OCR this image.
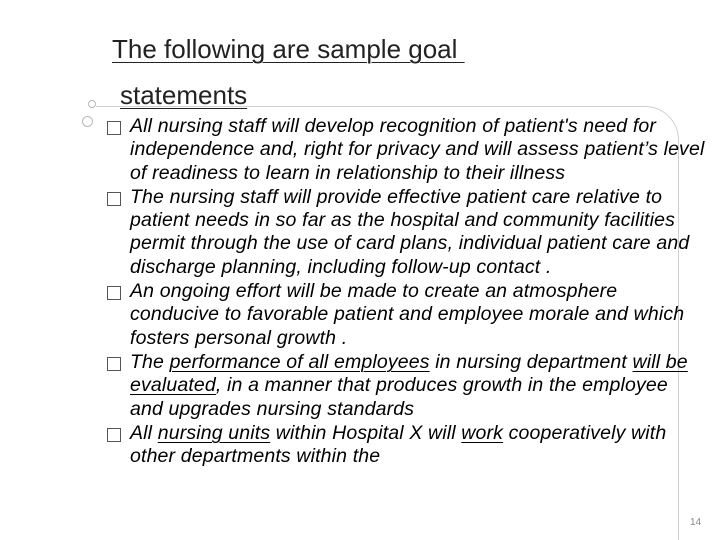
The following are sample goal
statements
All nursing staff will develop recognition of patient's need for independence and, right for privacy and will assess patient’s level of readiness to learn in relationship to their illness
The nursing staff will provide effective patient care relative to patient needs in so far as the hospital and community facilities permit through the use of card plans, individual patient care and discharge planning, including follow-up contact .
An ongoing effort will be made to create an atmosphere conducive to favorable patient and employee morale and which fosters personal growth .
The performance of all employees in nursing department will be evaluated, in a manner that produces growth in the employee and upgrades nursing standards
All nursing units within Hospital X will work cooperatively with other departments within the
14
